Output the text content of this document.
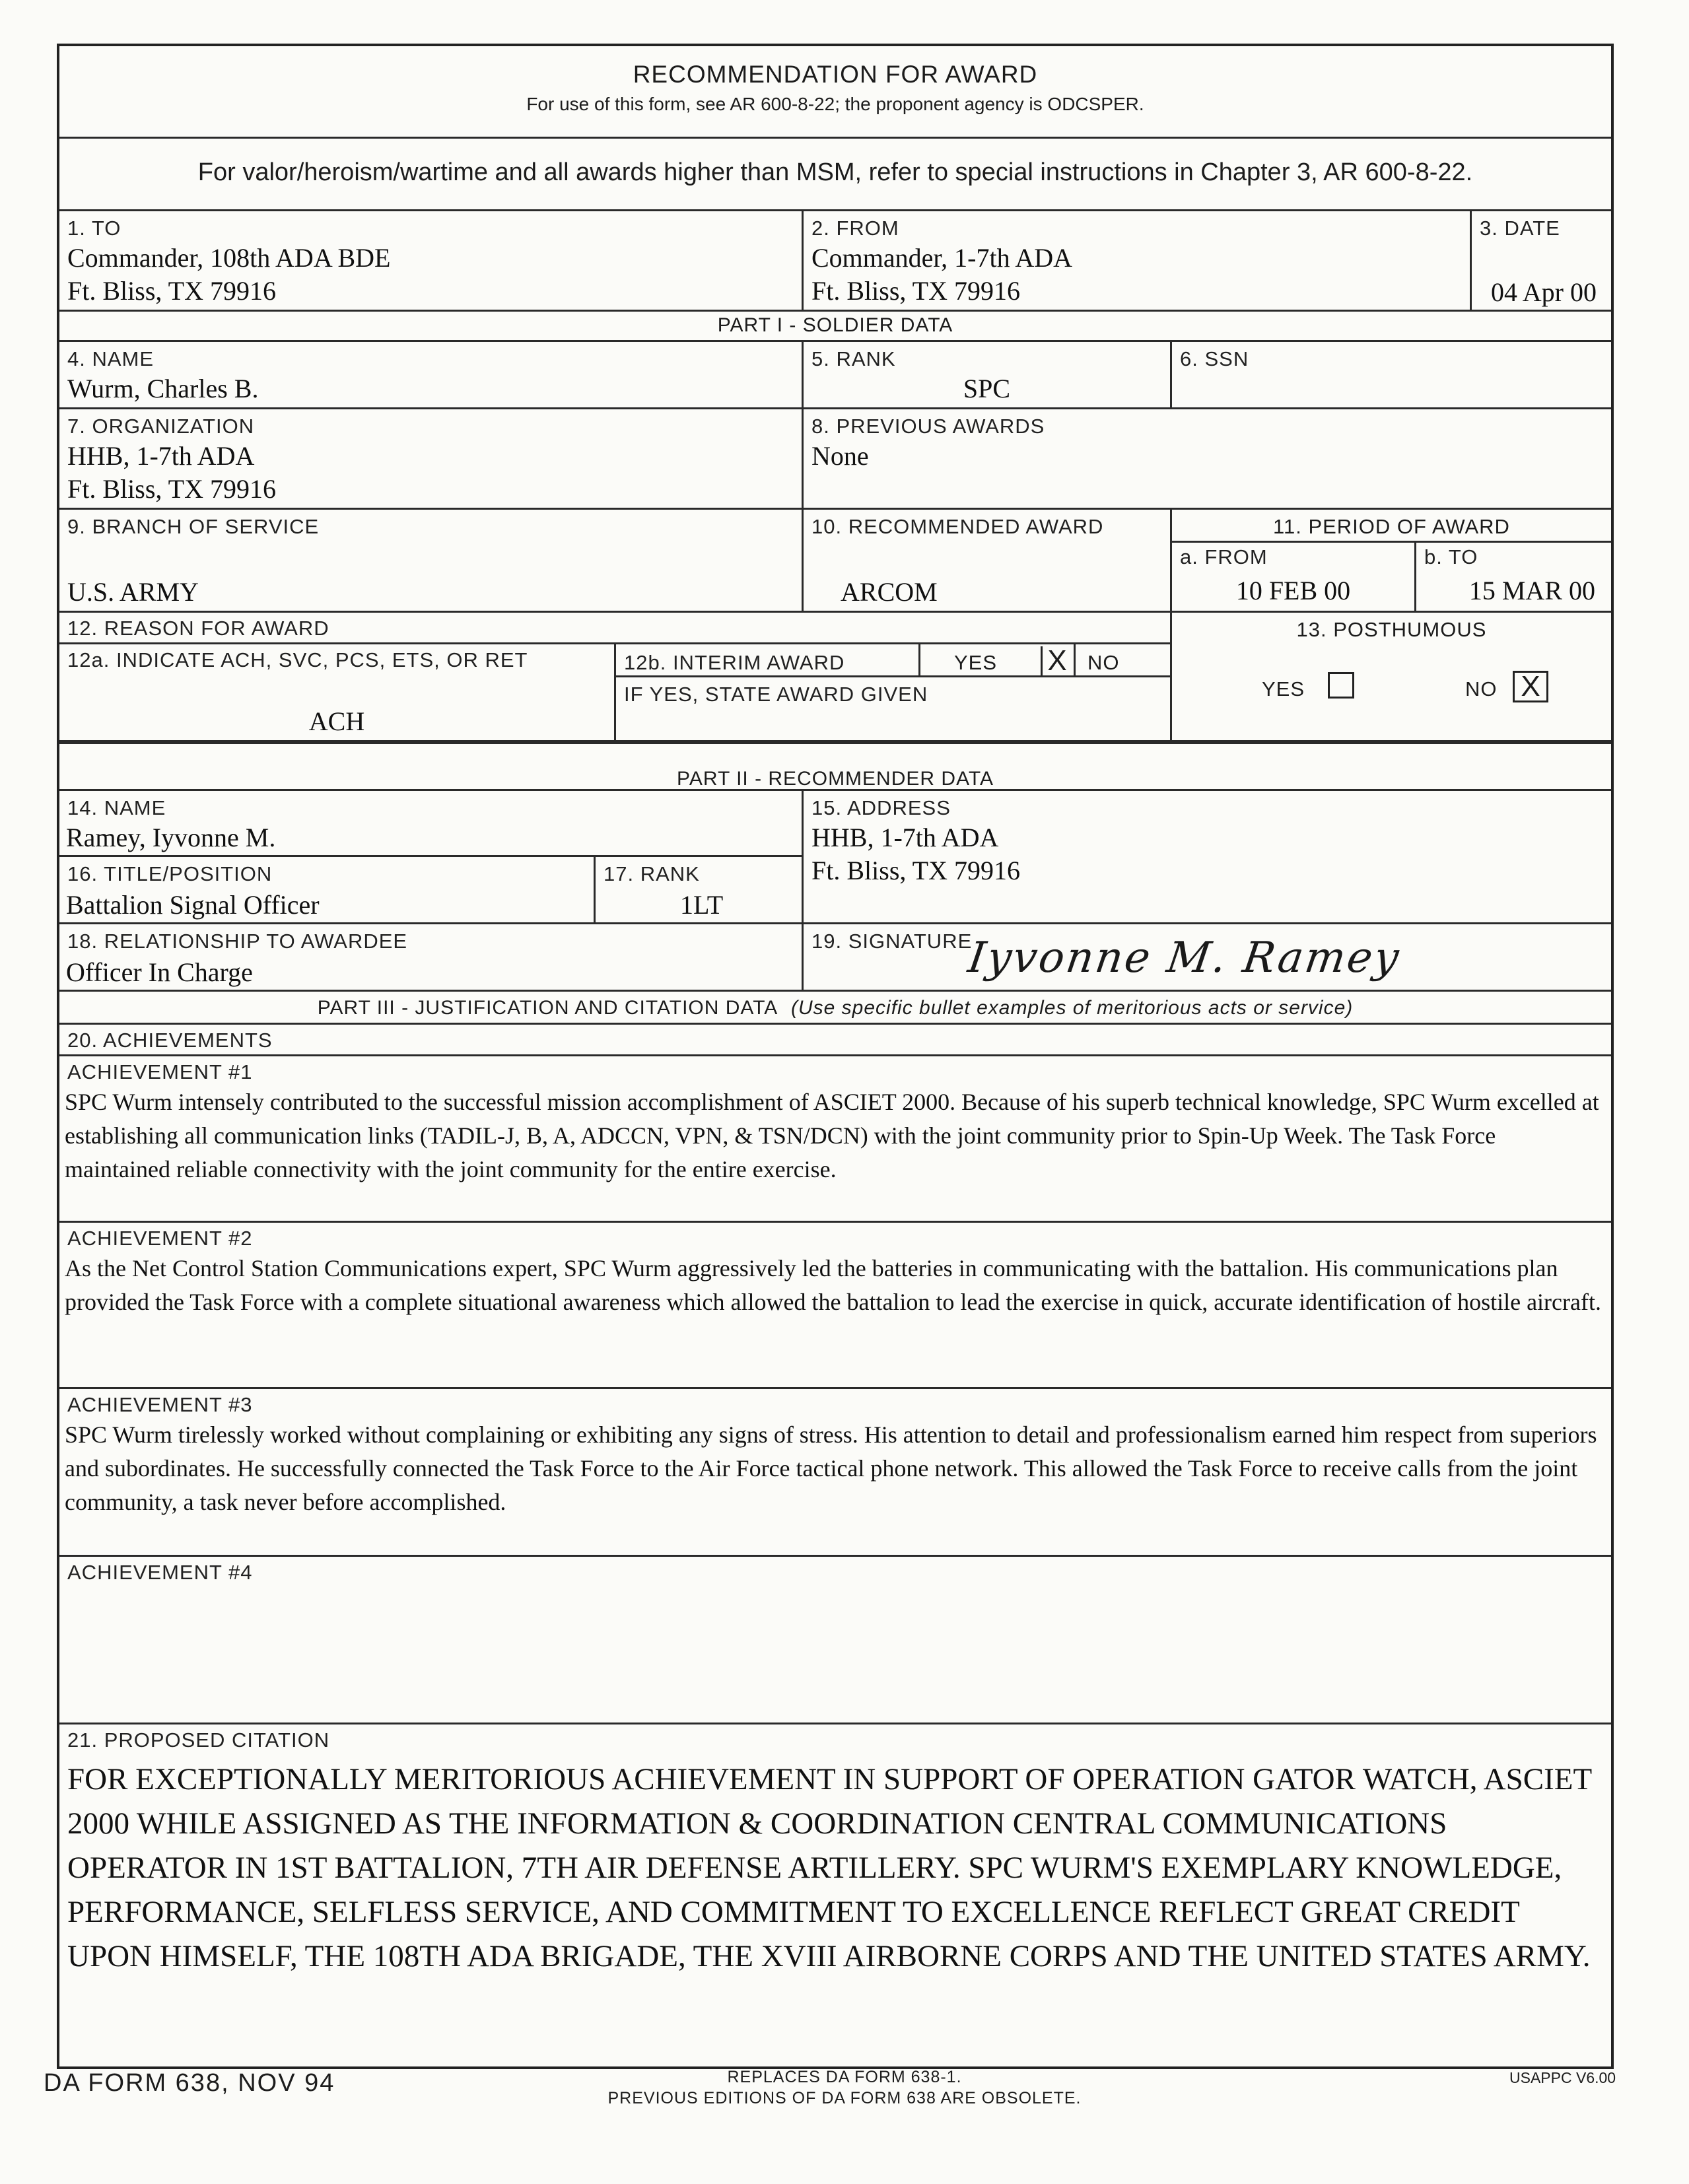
RECOMMENDATION FOR AWARD
For use of this form, see AR 600-8-22; the proponent agency is ODCSPER.
For valor/heroism/wartime and all awards higher than MSM, refer to special instructions in Chapter 3, AR 600-8-22.
1. TO
Commander, 108th ADA BDE
Ft. Bliss, TX 79916
2. FROM
Commander, 1-7th ADA
Ft. Bliss, TX 79916
3. DATE
04 Apr 00
PART I - SOLDIER DATA
4. NAME
Wurm, Charles B.
5. RANK
SPC
6. SSN
7. ORGANIZATION
HHB, 1-7th ADA
Ft. Bliss, TX 79916
8. PREVIOUS AWARDS
None
9. BRANCH OF SERVICE
U.S. ARMY
10. RECOMMENDED AWARD
ARCOM
11. PERIOD OF AWARD
a. FROM
10 FEB 00
b. TO
15 MAR 00
12. REASON FOR AWARD
12a. INDICATE ACH, SVC, PCS, ETS, OR RET
ACH
12b. INTERIM AWARD	YES X	NO
IF YES, STATE AWARD GIVEN
13. POSTHUMOUS
YES	NO X
PART II - RECOMMENDER DATA
14. NAME
Ramey, Iyvonne M.
15. ADDRESS
HHB, 1-7th ADA
Ft. Bliss, TX 79916
16. TITLE/POSITION
Battalion Signal Officer
17. RANK
1LT
18. RELATIONSHIP TO AWARDEE
Officer In Charge
19. SIGNATURE
Iyvonne M. Ramey
PART III - JUSTIFICATION AND CITATION DATA (Use specific bullet examples of meritorious acts or service)
20. ACHIEVEMENTS
ACHIEVEMENT #1
SPC Wurm intensely contributed to the successful mission accomplishment of ASCIET 2000. Because of his superb technical knowledge, SPC Wurm excelled at establishing all communication links (TADIL-J, B, A, ADCCN, VPN, & TSN/DCN) with the joint community prior to Spin-Up Week. The Task Force maintained reliable connectivity with the joint community for the entire exercise.
ACHIEVEMENT #2
As the Net Control Station Communications expert, SPC Wurm aggressively led the batteries in communicating with the battalion. His communications plan provided the Task Force with a complete situational awareness which allowed the battalion to lead the exercise in quick, accurate identification of hostile aircraft.
ACHIEVEMENT #3
SPC Wurm tirelessly worked without complaining or exhibiting any signs of stress. His attention to detail and professionalism earned him respect from superiors and subordinates. He successfully connected the Task Force to the Air Force tactical phone network. This allowed the Task Force to receive calls from the joint community, a task never before accomplished.
ACHIEVEMENT #4
21. PROPOSED CITATION
FOR EXCEPTIONALLY MERITORIOUS ACHIEVEMENT IN SUPPORT OF OPERATION GATOR WATCH, ASCIET 2000 WHILE ASSIGNED AS THE INFORMATION & COORDINATION CENTRAL COMMUNICATIONS OPERATOR IN 1ST BATTALION, 7TH AIR DEFENSE ARTILLERY. SPC WURM'S EXEMPLARY KNOWLEDGE, PERFORMANCE, SELFLESS SERVICE, AND COMMITMENT TO EXCELLENCE REFLECT GREAT CREDIT UPON HIMSELF, THE 108TH ADA BRIGADE, THE XVIII AIRBORNE CORPS AND THE UNITED STATES ARMY.
DA FORM 638, NOV 94	REPLACES DA FORM 638-1.
PREVIOUS EDITIONS OF DA FORM 638 ARE OBSOLETE.
USAPPC V6.00
